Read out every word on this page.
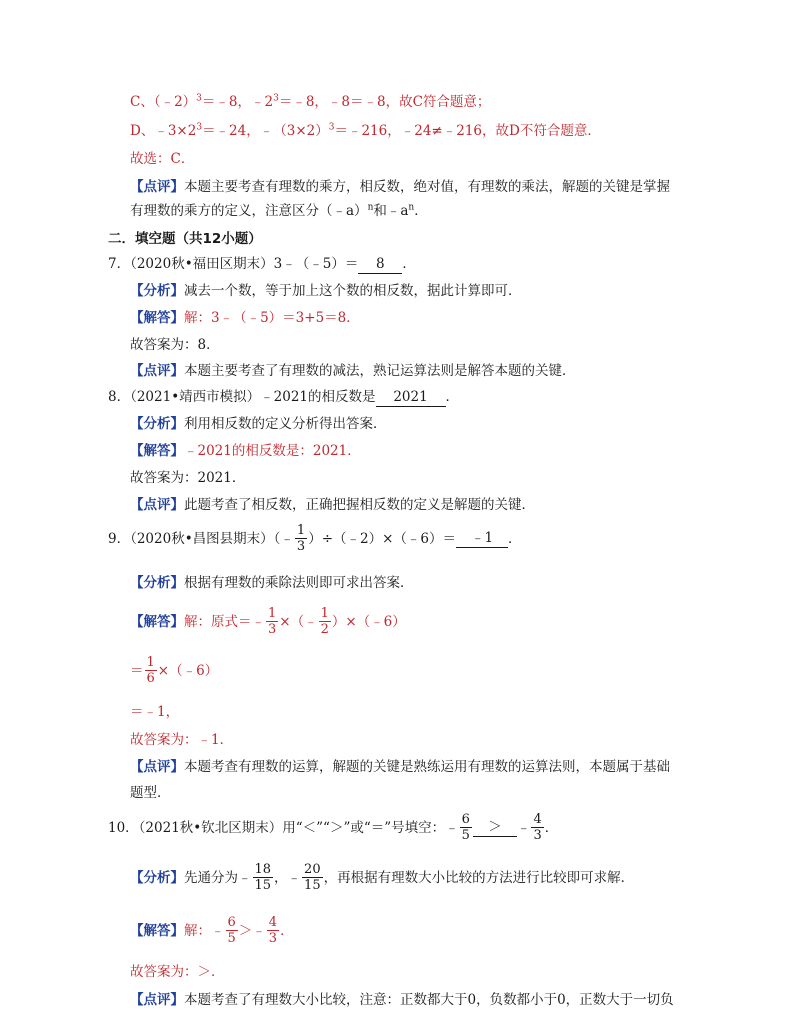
C、（﹣2）$^3$＝﹣8，$﹣2^3=﹣8$，﹣8＝﹣8，故C符合题意；
D、$﹣3\times 2^3=﹣24$，$﹣(3\times 2)^3=﹣216$，﹣24≠﹣216，故D不符合题意．
故选：C．
【点评】本题主要考查有理数的乘方，相反数，绝对值，有理数的乘法，解题的关键是掌握
有理数的乘方的定义，注意区分（﹣a）$^n$和$﹣a^n$．
二．填空题（共12小题）
7．（2020秋•福田区期末）3﹣（﹣5）＝ 8 ．
【分析】减去一个数，等于加上这个数的相反数，据此计算即可．
【解答】解：3﹣（﹣5）＝3+5＝8．
故答案为：8．
【点评】本题主要考查了有理数的减法，熟记运算法则是解答本题的关键．
8．（2021•靖西市模拟）﹣2021的相反数是 2021 ．
【分析】利用相反数的定义分析得出答案．
【解答】﹣2021的相反数是：2021．
故答案为：2021．
【点评】此题考查了相反数，正确把握相反数的定义是解题的关键．
9．（2020秋•昌图县期末）（﹣ $\frac{1}{3}$ ）÷（﹣2）×（﹣6）＝	﹣1	．
【分析】根据有理数的乘除法则即可求出答案．
【解答】 解：原式＝﹣ $\frac{1}{3}$ ×（﹣ $\frac{1}{2}$ ）×（﹣6）
＝ $\frac{1}{6}$ ×（﹣6）
＝﹣1，
故答案为：﹣1．
【点评】本题考查有理数的运算，解题的关键是熟练运用有理数的运算法则，本题属于基础
题型．
10．（2021秋•钦北区期末）用“＜”“＞”或“＝”号填空：﹣ $\frac{6}{5}$	＞	﹣ $\frac{4}{3}$ ．
【分析】 先通分为﹣ $\frac{18}{15}$ ，﹣ $\frac{20}{15}$ ，再根据有理数大小比较的方法进行比较即可求解．
【解答】 解：﹣ $\frac{6}{5}$ ＞﹣ $\frac{4}{3}$ ．
故答案为：＞．
【点评】本题考查了有理数大小比较，注意：正数都大于0，负数都小于0，正数大于一切负
